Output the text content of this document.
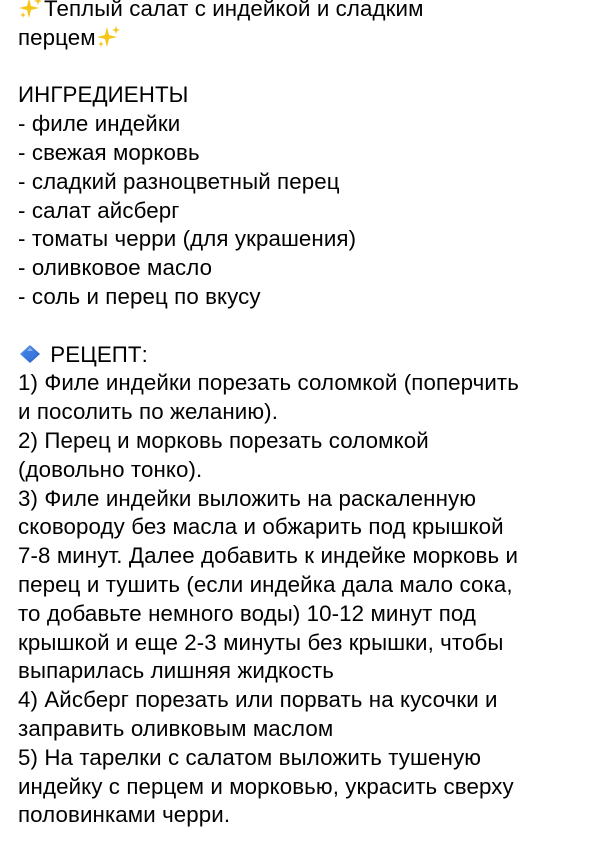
Теплый салат с индейкой и сладким
перцем
ИНГРЕДИЕНТЫ
- филе индейки
- свежая морковь
- сладкий разноцветный перец
- салат айсберг
- томаты черри (для украшения)
- оливковое масло
- соль и перец по вкусу
РЕЦЕПТ:
1) Филе индейки порезать соломкой (поперчить
и посолить по желанию).
2) Перец и морковь порезать соломкой
(довольно тонко).
3) Филе индейки выложить на раскаленную
сковороду без масла и обжарить под крышкой
7-8 минут. Далее добавить к индейке морковь и
перец и тушить (если индейка дала мало сока,
то добавьте немного воды) 10-12 минут под
крышкой и еще 2-3 минуты без крышки, чтобы
выпарилась лишняя жидкость
4) Айсберг порезать или порвать на кусочки и
заправить оливковым маслом
5) На тарелки с салатом выложить тушеную
индейку с перцем и морковью, украсить сверху
половинками черри.
